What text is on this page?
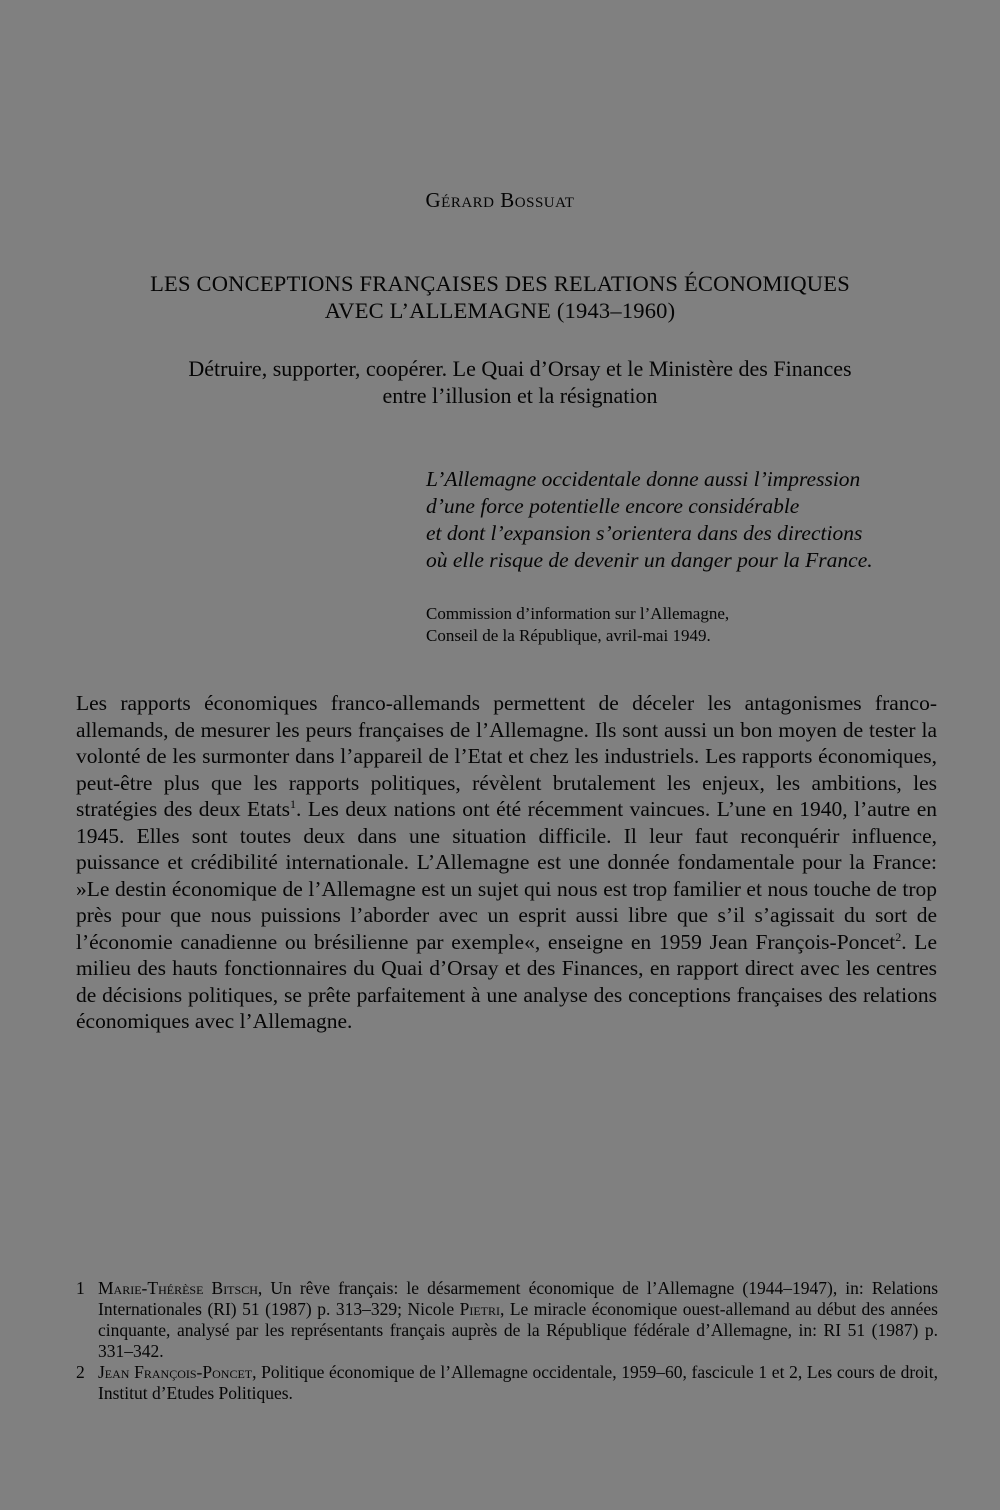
Gérard Bossuat
LES CONCEPTIONS FRANÇAISES DES RELATIONS ÉCONOMIQUES
AVEC L’ALLEMAGNE (1943–1960)
Détruire, supporter, coopérer. Le Quai d’Orsay et le Ministère des Finances
entre l’illusion et la résignation
L’Allemagne occidentale donne aussi l’impression
d’une force potentielle encore considérable
et dont l’expansion s’orientera dans des directions
où elle risque de devenir un danger pour la France.
Commission d’information sur l’Allemagne,
Conseil de la République, avril-mai 1949.
Les rapports économiques franco-allemands permettent de déceler les antagonismes franco-allemands, de mesurer les peurs françaises de l’Allemagne. Ils sont aussi un bon moyen de tester la volonté de les surmonter dans l’appareil de l’Etat et chez les industriels. Les rapports économiques, peut-être plus que les rapports politiques, révèlent brutalement les enjeux, les ambitions, les stratégies des deux Etats$^1$. Les deux nations ont été récemment vaincues. L’une en 1940, l’autre en 1945. Elles sont toutes deux dans une situation difficile. Il leur faut reconquérir influence, puissance et crédibilité internationale. L’Allemagne est une donnée fondamentale pour la France: »Le destin économique de l’Allemagne est un sujet qui nous est trop familier et nous touche de trop près pour que nous puissions l’aborder avec un esprit aussi libre que s’il s’agissait du sort de l’économie canadienne ou brésilienne par exemple«, enseigne en 1959 Jean François-Poncet$^2$. Le milieu des hauts fonctionnaires du Quai d’Orsay et des Finances, en rapport direct avec les centres de décisions politiques, se prête parfaitement à une analyse des conceptions françaises des relations économiques avec l’Allemagne.
1 Marie-Thérèse Bitsch, Un rêve français: le désarmement économique de l’Allemagne (1944–1947), in: Relations Internationales (RI) 51 (1987) p. 313–329; Nicole Pietri, Le miracle économique ouest-allemand au début des années cinquante, analysé par les représentants français auprès de la République fédérale d’Allemagne, in: RI 51 (1987) p. 331–342.
2 Jean François-Poncet, Politique économique de l’Allemagne occidentale, 1959–60, fascicule 1 et 2, Les cours de droit, Institut d’Etudes Politiques.
